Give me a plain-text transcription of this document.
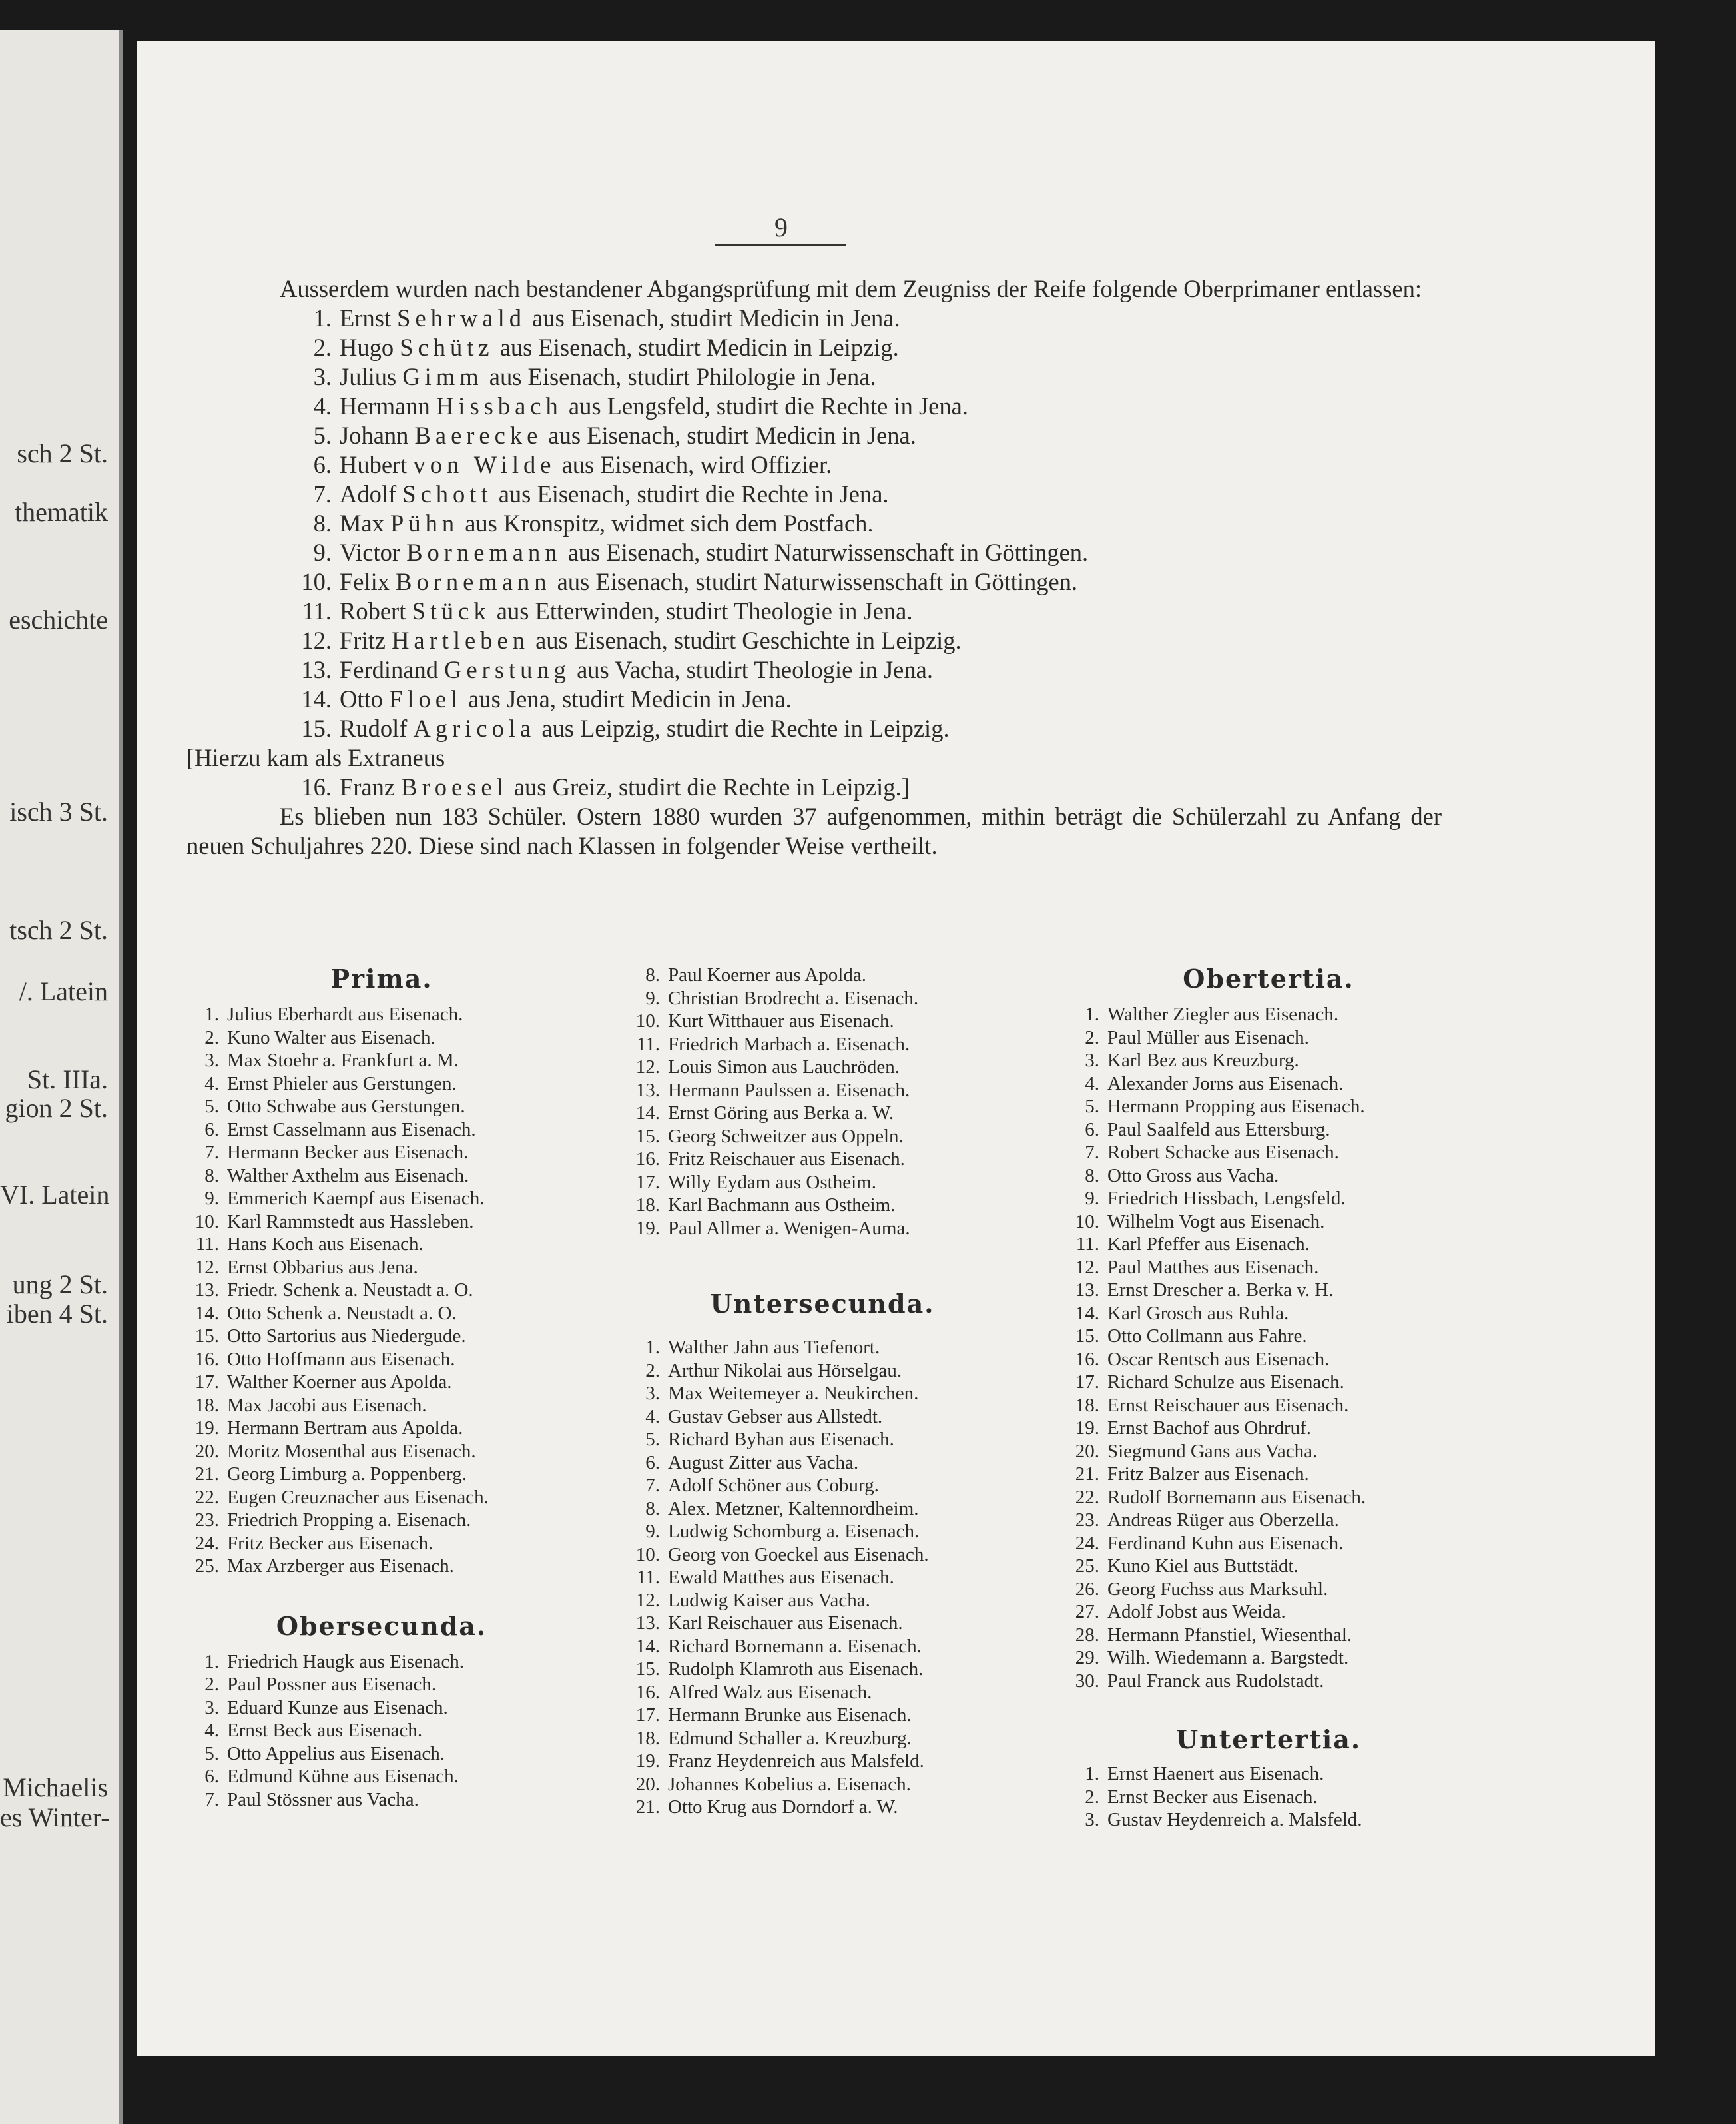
sch 2 St.
thematik
eschichte
isch 3 St.
tsch 2 St.
/. Latein
St. IIIa.
gion 2 St.
VI. Latein
ung 2 St.
iben 4 St.
Michaelis
es Winter-
9
Ausserdem wurden nach bestandener Abgangsprüfung mit dem Zeugniss der Reife folgende Oberprimaner entlassen:
1. Ernst Sehrwald aus Eisenach, studirt Medicin in Jena.
2. Hugo Schütz aus Eisenach, studirt Medicin in Leipzig.
3. Julius Gimm aus Eisenach, studirt Philologie in Jena.
4. Hermann Hissbach aus Lengsfeld, studirt die Rechte in Jena.
5. Johann Baerecke aus Eisenach, studirt Medicin in Jena.
6. Hubert von Wilde aus Eisenach, wird Offizier.
7. Adolf Schott aus Eisenach, studirt die Rechte in Jena.
8. Max Pühn aus Kronspitz, widmet sich dem Postfach.
9. Victor Bornemann aus Eisenach, studirt Naturwissenschaft in Göttingen.
10. Felix Bornemann aus Eisenach, studirt Naturwissenschaft in Göttingen.
11. Robert Stück aus Etterwinden, studirt Theologie in Jena.
12. Fritz Hartleben aus Eisenach, studirt Geschichte in Leipzig.
13. Ferdinand Gerstung aus Vacha, studirt Theologie in Jena.
14. Otto Floel aus Jena, studirt Medicin in Jena.
15. Rudolf Agricola aus Leipzig, studirt die Rechte in Leipzig.
[Hierzu kam als Extraneus
16. Franz Broesel aus Greiz, studirt die Rechte in Leipzig.]
Es blieben nun 183 Schüler. Ostern 1880 wurden 37 aufgenommen, mithin beträgt die Schülerzahl zu Anfang der neuen Schuljahres 220. Diese sind nach Klassen in folgender Weise vertheilt.
Prima.
1. Julius Eberhardt aus Eisenach.
2. Kuno Walter aus Eisenach.
3. Max Stoehr a. Frankfurt a. M.
4. Ernst Phieler aus Gerstungen.
5. Otto Schwabe aus Gerstungen.
6. Ernst Casselmann aus Eisenach.
7. Hermann Becker aus Eisenach.
8. Walther Axthelm aus Eisenach.
9. Emmerich Kaempf aus Eisenach.
10. Karl Rammstedt aus Hassleben.
11. Hans Koch aus Eisenach.
12. Ernst Obbarius aus Jena.
13. Friedr. Schenk a. Neustadt a. O.
14. Otto Schenk a. Neustadt a. O.
15. Otto Sartorius aus Niedergude.
16. Otto Hoffmann aus Eisenach.
17. Walther Koerner aus Apolda.
18. Max Jacobi aus Eisenach.
19. Hermann Bertram aus Apolda.
20. Moritz Mosenthal aus Eisenach.
21. Georg Limburg a. Poppenberg.
22. Eugen Creuznacher aus Eisenach.
23. Friedrich Propping a. Eisenach.
24. Fritz Becker aus Eisenach.
25. Max Arzberger aus Eisenach.
Obersecunda.
1. Friedrich Haugk aus Eisenach.
2. Paul Possner aus Eisenach.
3. Eduard Kunze aus Eisenach.
4. Ernst Beck aus Eisenach.
5. Otto Appelius aus Eisenach.
6. Edmund Kühne aus Eisenach.
7. Paul Stössner aus Vacha.
8. Paul Koerner aus Apolda.
9. Christian Brodrecht a. Eisenach.
10. Kurt Witthauer aus Eisenach.
11. Friedrich Marbach a. Eisenach.
12. Louis Simon aus Lauchröden.
13. Hermann Paulssen a. Eisenach.
14. Ernst Göring aus Berka a. W.
15. Georg Schweitzer aus Oppeln.
16. Fritz Reischauer aus Eisenach.
17. Willy Eydam aus Ostheim.
18. Karl Bachmann aus Ostheim.
19. Paul Allmer a. Wenigen-Auma.
Untersecunda.
1. Walther Jahn aus Tiefenort.
2. Arthur Nikolai aus Hörselgau.
3. Max Weitemeyer a. Neukirchen.
4. Gustav Gebser aus Allstedt.
5. Richard Byhan aus Eisenach.
6. August Zitter aus Vacha.
7. Adolf Schöner aus Coburg.
8. Alex. Metzner, Kaltennordheim.
9. Ludwig Schomburg a. Eisenach.
10. Georg von Goeckel aus Eisenach.
11. Ewald Matthes aus Eisenach.
12. Ludwig Kaiser aus Vacha.
13. Karl Reischauer aus Eisenach.
14. Richard Bornemann a. Eisenach.
15. Rudolph Klamroth aus Eisenach.
16. Alfred Walz aus Eisenach.
17. Hermann Brunke aus Eisenach.
18. Edmund Schaller a. Kreuzburg.
19. Franz Heydenreich aus Malsfeld.
20. Johannes Kobelius a. Eisenach.
21. Otto Krug aus Dorndorf a. W.
Obertertia.
1. Walther Ziegler aus Eisenach.
2. Paul Müller aus Eisenach.
3. Karl Bez aus Kreuzburg.
4. Alexander Jorns aus Eisenach.
5. Hermann Propping aus Eisenach.
6. Paul Saalfeld aus Ettersburg.
7. Robert Schacke aus Eisenach.
8. Otto Gross aus Vacha.
9. Friedrich Hissbach, Lengsfeld.
10. Wilhelm Vogt aus Eisenach.
11. Karl Pfeffer aus Eisenach.
12. Paul Matthes aus Eisenach.
13. Ernst Drescher a. Berka v. H.
14. Karl Grosch aus Ruhla.
15. Otto Collmann aus Fahre.
16. Oscar Rentsch aus Eisenach.
17. Richard Schulze aus Eisenach.
18. Ernst Reischauer aus Eisenach.
19. Ernst Bachof aus Ohrdruf.
20. Siegmund Gans aus Vacha.
21. Fritz Balzer aus Eisenach.
22. Rudolf Bornemann aus Eisenach.
23. Andreas Rüger aus Oberzella.
24. Ferdinand Kuhn aus Eisenach.
25. Kuno Kiel aus Buttstädt.
26. Georg Fuchss aus Marksuhl.
27. Adolf Jobst aus Weida.
28. Hermann Pfanstiel, Wiesenthal.
29. Wilh. Wiedemann a. Bargstedt.
30. Paul Franck aus Rudolstadt.
Untertertia.
1. Ernst Haenert aus Eisenach.
2. Ernst Becker aus Eisenach.
3. Gustav Heydenreich a. Malsfeld.
